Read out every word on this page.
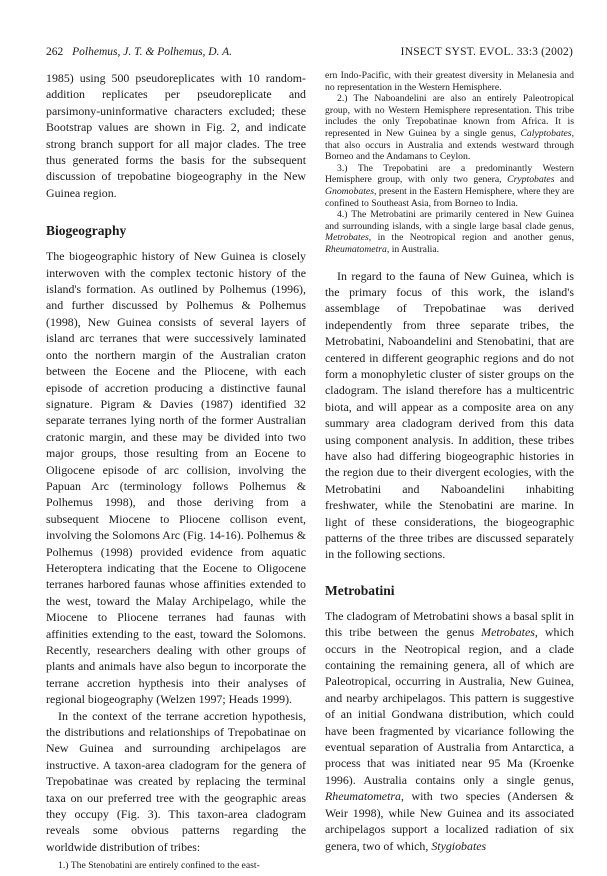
262 Polhemus, J. T. & Polhemus, D. A.	INSECT SYST. EVOL. 33:3 (2002)

1985) using 500 pseudoreplicates with 10 random-addition replicates per pseudoreplicate and parsimony-uninformative characters excluded; these Bootstrap values are shown in Fig. 2, and indicate strong branch support for all major clades. The tree thus generated forms the basis for the subsequent discussion of trepobatine biogeography in the New Guinea region.

Biogeography

The biogeographic history of New Guinea is closely interwoven with the complex tectonic history of the island's formation. As outlined by Polhemus (1996), and further discussed by Polhemus & Polhemus (1998), New Guinea consists of several layers of island arc terranes that were successively laminated onto the northern margin of the Australian craton between the Eocene and the Pliocene, with each episode of accretion producing a distinctive faunal signature. Pigram & Davies (1987) identified 32 separate terranes lying north of the former Australian cratonic margin, and these may be divided into two major groups, those resulting from an Eocene to Oligocene episode of arc collision, involving the Papuan Arc (terminology follows Polhemus & Polhemus 1998), and those deriving from a subsequent Miocene to Pliocene collison event, involving the Solomons Arc (Fig. 14-16). Polhemus & Polhemus (1998) provided evidence from aquatic Heteroptera indicating that the Eocene to Oligocene terranes harbored faunas whose affinities extended to the west, toward the Malay Archipelago, while the Miocene to Pliocene terranes had faunas with affinities extending to the east, toward the Solomons. Recently, researchers dealing with other groups of plants and animals have also begun to incorporate the terrane accretion hypthesis into their analyses of regional biogeography (Welzen 1997; Heads 1999).

In the context of the terrane accretion hypothesis, the distributions and relationships of Trepobatinae on New Guinea and surrounding archipelagos are instructive. A taxon-area cladogram for the genera of Trepobatinae was created by replacing the terminal taxa on our preferred tree with the geographic areas they occupy (Fig. 3). This taxon-area cladogram reveals some obvious patterns regarding the worldwide distribution of tribes:

1.) The Stenobatini are entirely confined to the east-

ern Indo-Pacific, with their greatest diversity in Melanesia and no representation in the Western Hemisphere.

2.) The Naboandelini are also an entirely Paleotropical group, with no Western Hemisphere representation. This tribe includes the only Trepobatinae known from Africa. It is represented in New Guinea by a single genus, Calyptobates, that also occurs in Australia and extends westward through Borneo and the Andamans to Ceylon.

3.) The Trepobatini are a predominantly Western Hemisphere group, with only two genera, Cryptobates and Gnomobates, present in the Eastern Hemisphere, where they are confined to Southeast Asia, from Borneo to India.

4.) The Metrobatini are primarily centered in New Guinea and surrounding islands, with a single large basal clade genus, Metrobates, in the Neotropical region and another genus, Rheumatometra, in Australia.

In regard to the fauna of New Guinea, which is the primary focus of this work, the island's assemblage of Trepobatinae was derived independently from three separate tribes, the Metrobatini, Naboandelini and Stenobatini, that are centered in different geographic regions and do not form a monophyletic cluster of sister groups on the cladogram. The island therefore has a multicentric biota, and will appear as a composite area on any summary area cladogram derived from this data using component analysis. In addition, these tribes have also had differing biogeographic histories in the region due to their divergent ecologies, with the Metrobatini and Naboandelini inhabiting freshwater, while the Stenobatini are marine. In light of these considerations, the biogeographic patterns of the three tribes are discussed separately in the following sections.

Metrobatini

The cladogram of Metrobatini shows a basal split in this tribe between the genus Metrobates, which occurs in the Neotropical region, and a clade containing the remaining genera, all of which are Paleotropical, occurring in Australia, New Guinea, and nearby archipelagos. This pattern is suggestive of an initial Gondwana distribution, which could have been fragmented by vicariance following the eventual separation of Australia from Antarctica, a process that was initiated near 95 Ma (Kroenke 1996). Australia contains only a single genus, Rheumatometra, with two species (Andersen & Weir 1998), while New Guinea and its associated archipelagos support a localized radiation of six genera, two of which, Stygiobates
